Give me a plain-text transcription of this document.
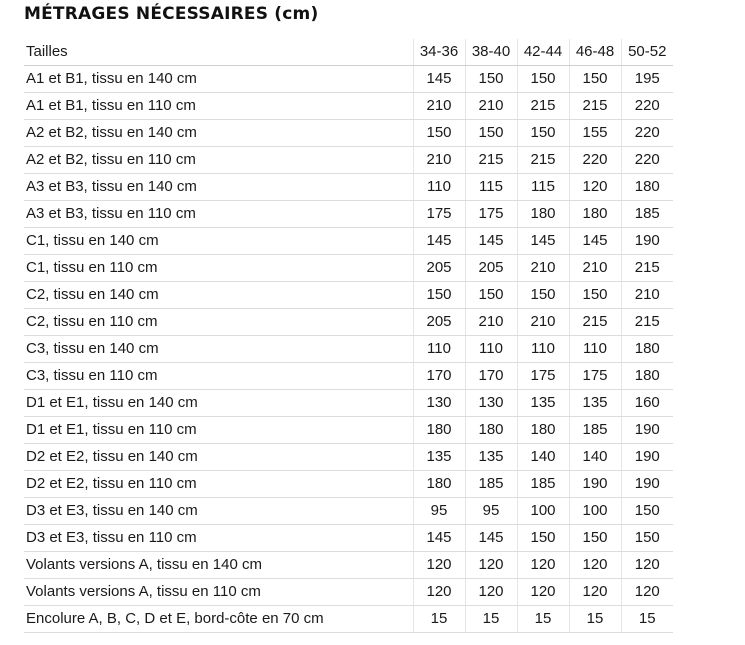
MÉTRAGES NÉCESSAIRES (cm)
Tailles	34-36	38-40	42-44	46-48	50-52
A1 et B1, tissu en 140 cm	145	150	150	150	195
A1 et B1, tissu en 110 cm	210	210	215	215	220
A2 et B2, tissu en 140 cm	150	150	150	155	220
A2 et B2, tissu en 110 cm	210	215	215	220	220
A3 et B3, tissu en 140 cm	110	115	115	120	180
A3 et B3, tissu en 110 cm	175	175	180	180	185
C1, tissu en 140 cm	145	145	145	145	190
C1, tissu en 110 cm	205	205	210	210	215
C2, tissu en 140 cm	150	150	150	150	210
C2, tissu en 110 cm	205	210	210	215	215
C3, tissu en 140 cm	110	110	110	110	180
C3, tissu en 110 cm	170	170	175	175	180
D1 et E1, tissu en 140 cm	130	130	135	135	160
D1 et E1, tissu en 110 cm	180	180	180	185	190
D2 et E2, tissu en 140 cm	135	135	140	140	190
D2 et E2, tissu en 110 cm	180	185	185	190	190
D3 et E3, tissu en 140 cm	95	95	100	100	150
D3 et E3, tissu en 110 cm	145	145	150	150	150
Volants versions A, tissu en 140 cm	120	120	120	120	120
Volants versions A, tissu en 110 cm	120	120	120	120	120
Encolure A, B, C, D et E, bord-côte en 70 cm	15	15	15	15	15
